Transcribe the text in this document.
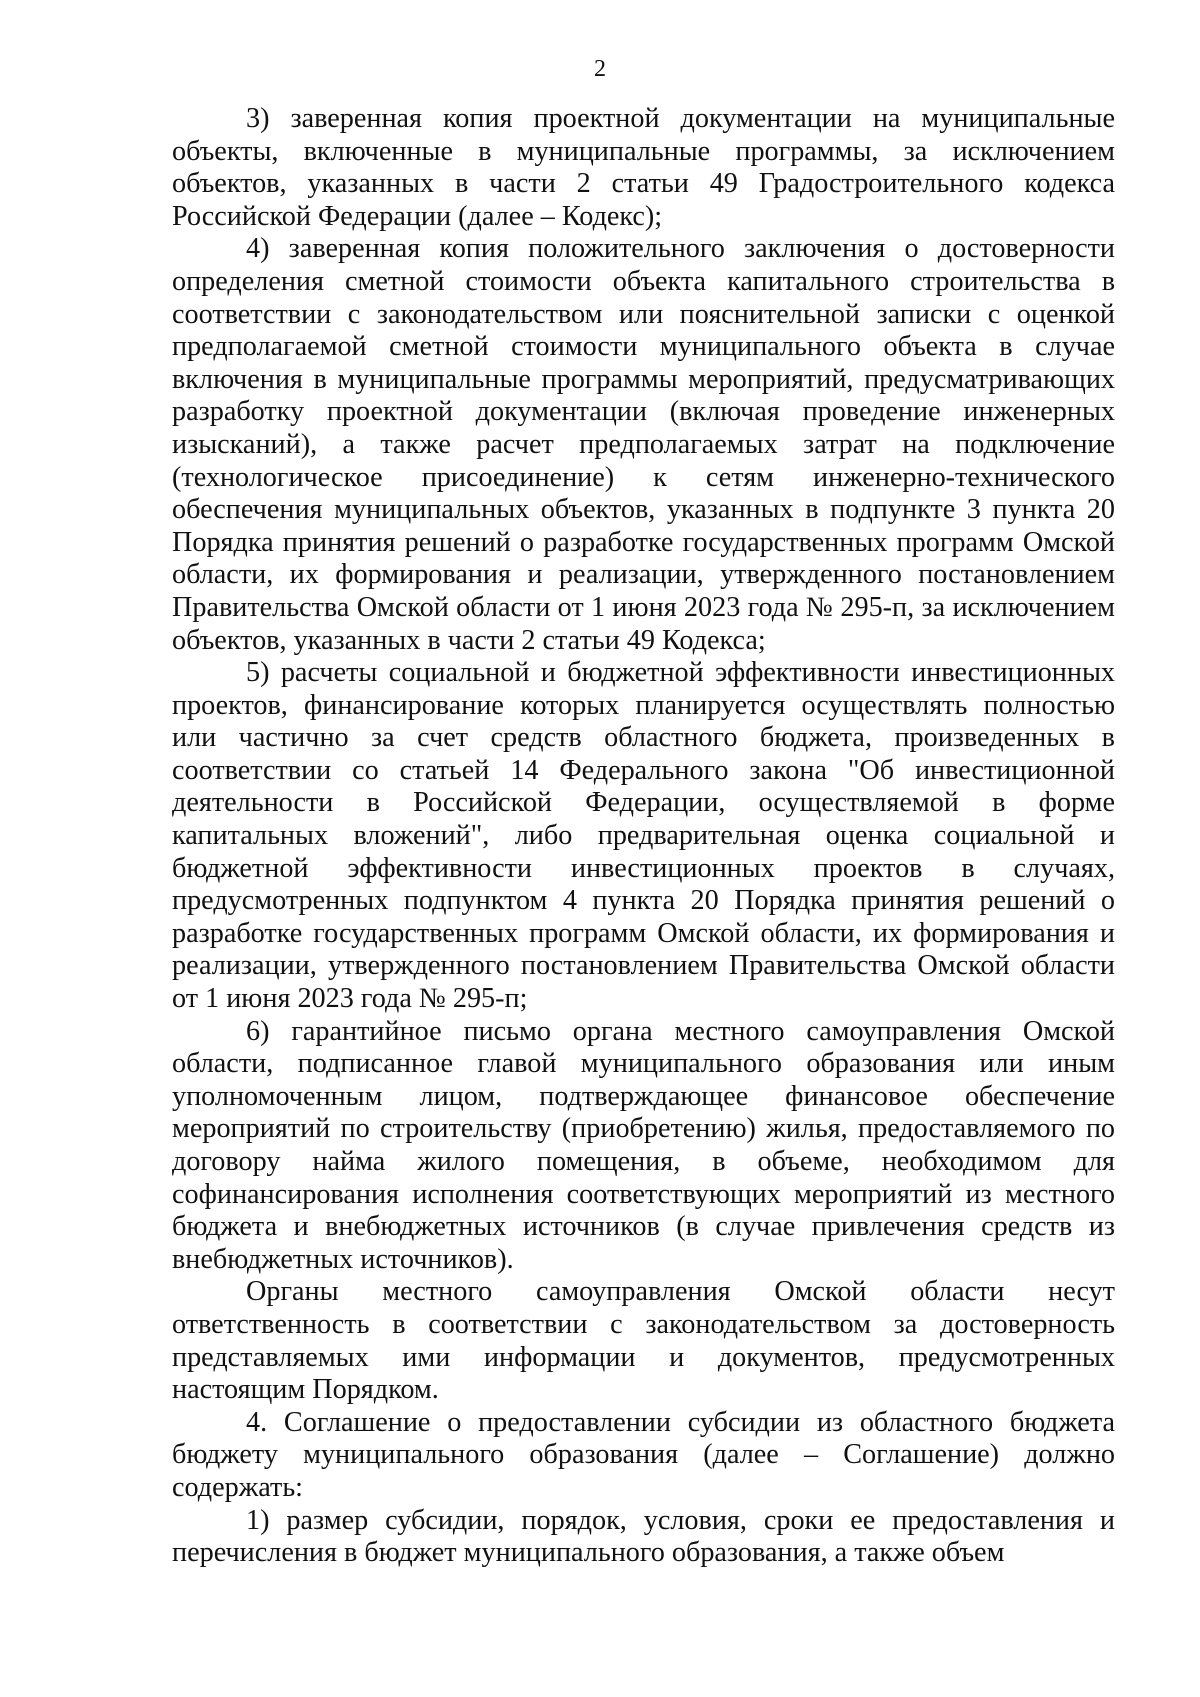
2

3) заверенная копия проектной документации на муниципальные объекты, включенные в муниципальные программы, за исключением объектов, указанных в части 2 статьи 49 Градостроительного кодекса Российской Федерации (далее – Кодекс);

4) заверенная копия положительного заключения о достоверности определения сметной стоимости объекта капитального строительства в соответствии с законодательством или пояснительной записки с оценкой предполагаемой сметной стоимости муниципального объекта в случае включения в муниципальные программы мероприятий, предусматривающих разработку проектной документации (включая проведение инженерных изысканий), а также расчет предполагаемых затрат на подключение (технологическое присоединение) к сетям инженерно-технического обеспечения муниципальных объектов, указанных в подпункте 3 пункта 20 Порядка принятия решений о разработке государственных программ Омской области, их формирования и реализации, утвержденного постановлением Правительства Омской области от 1 июня 2023 года № 295-п, за исключением объектов, указанных в части 2 статьи 49 Кодекса;

5) расчеты социальной и бюджетной эффективности инвестиционных проектов, финансирование которых планируется осуществлять полностью или частично за счет средств областного бюджета, произведенных в соответствии со статьей 14 Федерального закона "Об инвестиционной деятельности в Российской Федерации, осуществляемой в форме капитальных вложений", либо предварительная оценка социальной и бюджетной эффективности инвестиционных проектов в случаях, предусмотренных подпунктом 4 пункта 20 Порядка принятия решений о разработке государственных программ Омской области, их формирования и реализации, утвержденного постановлением Правительства Омской области от 1 июня 2023 года № 295-п;

6) гарантийное письмо органа местного самоуправления Омской области, подписанное главой муниципального образования или иным уполномоченным лицом, подтверждающее финансовое обеспечение мероприятий по строительству (приобретению) жилья, предоставляемого по договору найма жилого помещения, в объеме, необходимом для софинансирования исполнения соответствующих мероприятий из местного бюджета и внебюджетных источников (в случае привлечения средств из внебюджетных источников).

Органы местного самоуправления Омской области несут ответственность в соответствии с законодательством за достоверность представляемых ими информации и документов, предусмотренных настоящим Порядком.

4. Соглашение о предоставлении субсидии из областного бюджета бюджету муниципального образования (далее – Соглашение) должно содержать:

1) размер субсидии, порядок, условия, сроки ее предоставления и перечисления в бюджет муниципального образования, а также объем
